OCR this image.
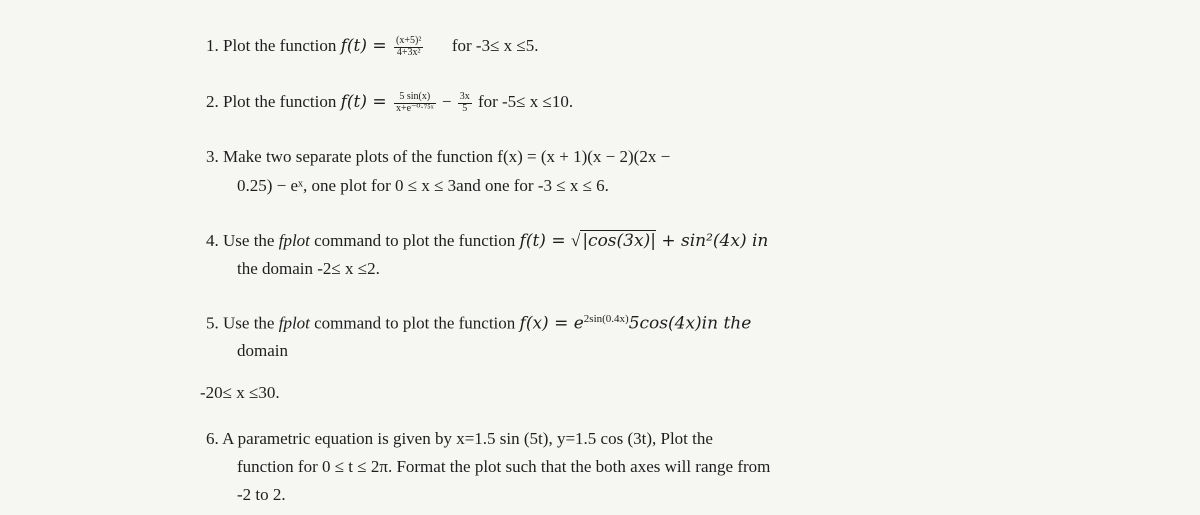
1. Plot the function $f(t) = \frac{\text{(x+5)²}}{\text{4+3x²}}$ for -3≤ x ≤5.
2. Plot the function $f(t) = \frac{5 \sin(x)}{\text{x+e⁻⁰·⁷⁵ˣ}} - \frac{3x}{5}$ for -5≤ x ≤10.
3. Make two separate plots of the function f(x) = (x + 1)(x − 2)(2x −
0.25) − eˣ, one plot for 0 ≤ x ≤ 3and one for -3 ≤ x ≤ 6.
4. Use the fplot command to plot the function f(t) = √ |cos(3x)| + sin²(4x) in
the domain -2≤ x ≤2.
5. Use the fplot command to plot the function $f(x) = e^{2sin(0.4x)}5\cos(4x)in$ the
domain
-20≤ x ≤30.
6. A parametric equation is given by x=1.5 sin (5t), y=1.5 cos (3t), Plot the
function for 0 ≤ t ≤ 2π. Format the plot such that the both axes will range from
-2 to 2.
